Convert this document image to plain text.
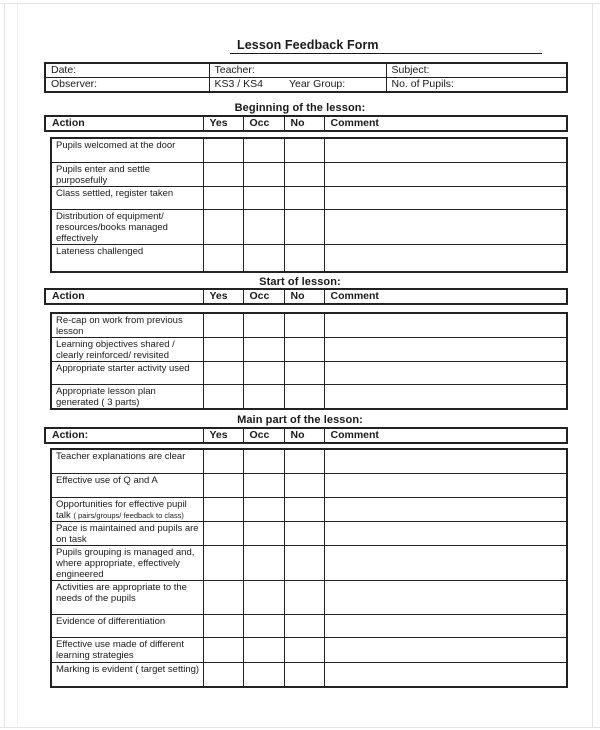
Lesson Feedback Form
Date:	Teacher:	Subject:
Observer:	KS3 / KS4 Year Group:	No. of Pupils:
Beginning of the lesson:
Action	Yes	Occ	No	Comment
Pupils welcomed at the door				
Pupils enter and settle purposefully				
Class settled, register taken				
Distribution of equipment/ resources/books managed effectively				
Lateness challenged				
Start of lesson:
Action	Yes	Occ	No	Comment
Re-cap on work from previous lesson				
Learning objectives shared / clearly reinforced/ revisited				
Appropriate starter activity used				
Appropriate lesson plan generated ( 3 parts)				
Main part of the lesson:
Action:	Yes	Occ	No	Comment
Teacher explanations are clear				
Effective use of Q and A				
Opportunities for effective pupil talk ( pairs/groups/ feedback to class)				
Pace is maintained and pupils are on task				
Pupils grouping is managed and, where appropriate, effectively engineered				
Activities are appropriate to the needs of the pupils				
Evidence of differentiation				
Effective use made of different learning strategies				
Marking is evident ( target setting)				
